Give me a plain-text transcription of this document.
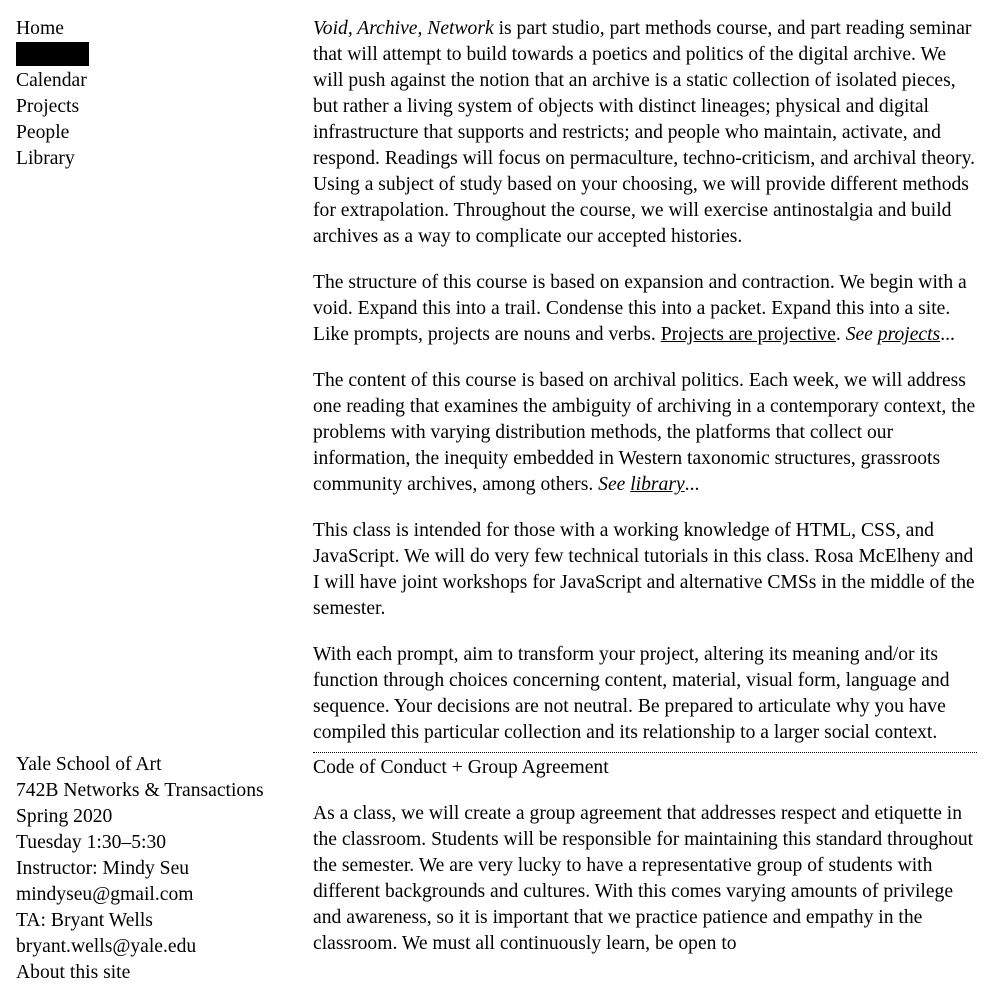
Home
About
Calendar
Projects
People
Library
Yale School of Art
742B Networks & Transactions
Spring 2020
Tuesday 1:30–5:30
Instructor: Mindy Seu
mindyseu@gmail.com
TA: Bryant Wells
bryant.wells@yale.edu
About this site

Void, Archive, Network is part studio, part methods course, and part reading seminar that will attempt to build towards a poetics and politics of the digital archive. We will push against the notion that an archive is a static collection of isolated pieces, but rather a living system of objects with distinct lineages; physical and digital infrastructure that supports and restricts; and people who maintain, activate, and respond. Readings will focus on permaculture, techno-criticism, and archival theory. Using a subject of study based on your choosing, we will provide different methods for extrapolation. Throughout the course, we will exercise antinostalgia and build archives as a way to complicate our accepted histories.

The structure of this course is based on expansion and contraction. We begin with a void. Expand this into a trail. Condense this into a packet. Expand this into a site. Like prompts, projects are nouns and verbs. Projects are projective. See projects...

The content of this course is based on archival politics. Each week, we will address one reading that examines the ambiguity of archiving in a contemporary context, the problems with varying distribution methods, the platforms that collect our information, the inequity embedded in Western taxonomic structures, grassroots community archives, among others. See library...

This class is intended for those with a working knowledge of HTML, CSS, and JavaScript. We will do very few technical tutorials in this class. Rosa McElheny and I will have joint workshops for JavaScript and alternative CMSs in the middle of the semester.

With each prompt, aim to transform your project, altering its meaning and/or its function through choices concerning content, material, visual form, language and sequence. Your decisions are not neutral. Be prepared to articulate why you have compiled this particular collection and its relationship to a larger social context.

Code of Conduct + Group Agreement

As a class, we will create a group agreement that addresses respect and etiquette in the classroom. Students will be responsible for maintaining this standard throughout the semester. We are very lucky to have a representative group of students with different backgrounds and cultures. With this comes varying amounts of privilege and awareness, so it is important that we practice patience and empathy in the classroom. We must all continuously learn, be open to
